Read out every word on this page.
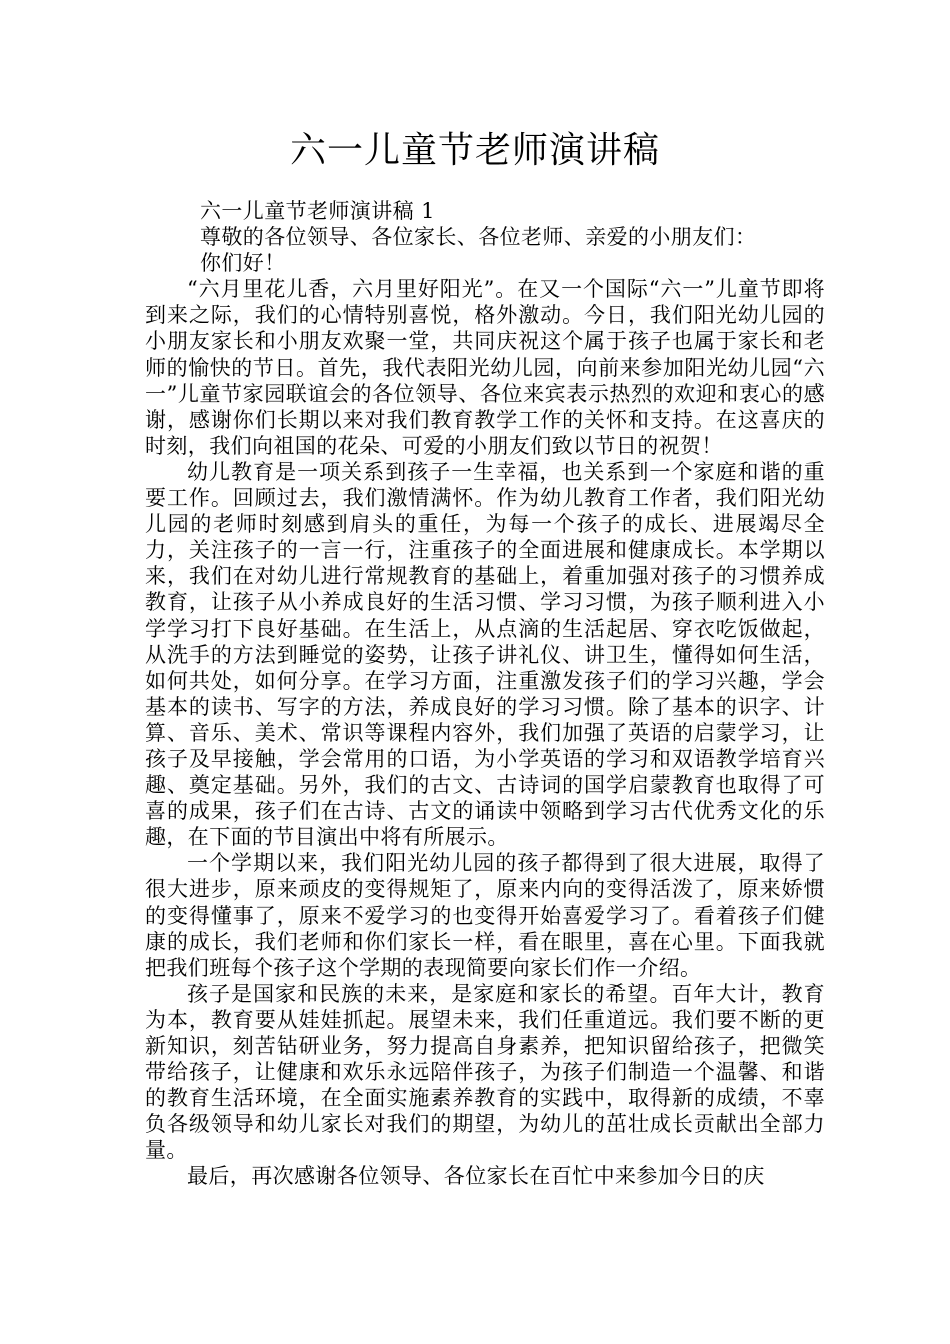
六一儿童节老师演讲稿

六一儿童节老师演讲稿 1

尊敬的各位领导、各位家长、各位老师、亲爱的小朋友们：

你们好！

“六月里花儿香，六月里好阳光”。在又一个国际“六一”儿童节即将到来之际，我们的心情特别喜悦，格外激动。今日，我们阳光幼儿园的小朋友家长和小朋友欢聚一堂，共同庆祝这个属于孩子也属于家长和老师的愉快的节日。首先，我代表阳光幼儿园，向前来参加阳光幼儿园“六一”儿童节家园联谊会的各位领导、各位来宾表示热烈的欢迎和衷心的感谢，感谢你们长期以来对我们教育教学工作的关怀和支持。在这喜庆的时刻，我们向祖国的花朵、可爱的小朋友们致以节日的祝贺！

幼儿教育是一项关系到孩子一生幸福，也关系到一个家庭和谐的重要工作。回顾过去，我们激情满怀。作为幼儿教育工作者，我们阳光幼儿园的老师时刻感到肩头的重任，为每一个孩子的成长、进展竭尽全力，关注孩子的一言一行，注重孩子的全面进展和健康成长。本学期以来，我们在对幼儿进行常规教育的基础上，着重加强对孩子的习惯养成教育，让孩子从小养成良好的生活习惯、学习习惯，为孩子顺利进入小学学习打下良好基础。在生活上，从点滴的生活起居、穿衣吃饭做起，从洗手的方法到睡觉的姿势，让孩子讲礼仪、讲卫生，懂得如何生活，如何共处，如何分享。在学习方面，注重激发孩子们的学习兴趣，学会基本的读书、写字的方法，养成良好的学习习惯。除了基本的识字、计算、音乐、美术、常识等课程内容外，我们加强了英语的启蒙学习，让孩子及早接触，学会常用的口语，为小学英语的学习和双语教学培育兴趣、奠定基础。另外，我们的古文、古诗词的国学启蒙教育也取得了可喜的成果，孩子们在古诗、古文的诵读中领略到学习古代优秀文化的乐趣，在下面的节目演出中将有所展示。

一个学期以来，我们阳光幼儿园的孩子都得到了很大进展，取得了很大进步，原来顽皮的变得规矩了，原来内向的变得活泼了，原来娇惯的变得懂事了，原来不爱学习的也变得开始喜爱学习了。看着孩子们健康的成长，我们老师和你们家长一样，看在眼里，喜在心里。下面我就把我们班每个孩子这个学期的表现简要向家长们作一介绍。

孩子是国家和民族的未来，是家庭和家长的希望。百年大计，教育为本，教育要从娃娃抓起。展望未来，我们任重道远。我们要不断的更新知识，刻苦钻研业务，努力提高自身素养，把知识留给孩子，把微笑带给孩子，让健康和欢乐永远陪伴孩子，为孩子们制造一个温馨、和谐的教育生活环境，在全面实施素养教育的实践中，取得新的成绩，不辜负各级领导和幼儿家长对我们的期望，为幼儿的茁壮成长贡献出全部力量。

最后，再次感谢各位领导、各位家长在百忙中来参加今日的庆
